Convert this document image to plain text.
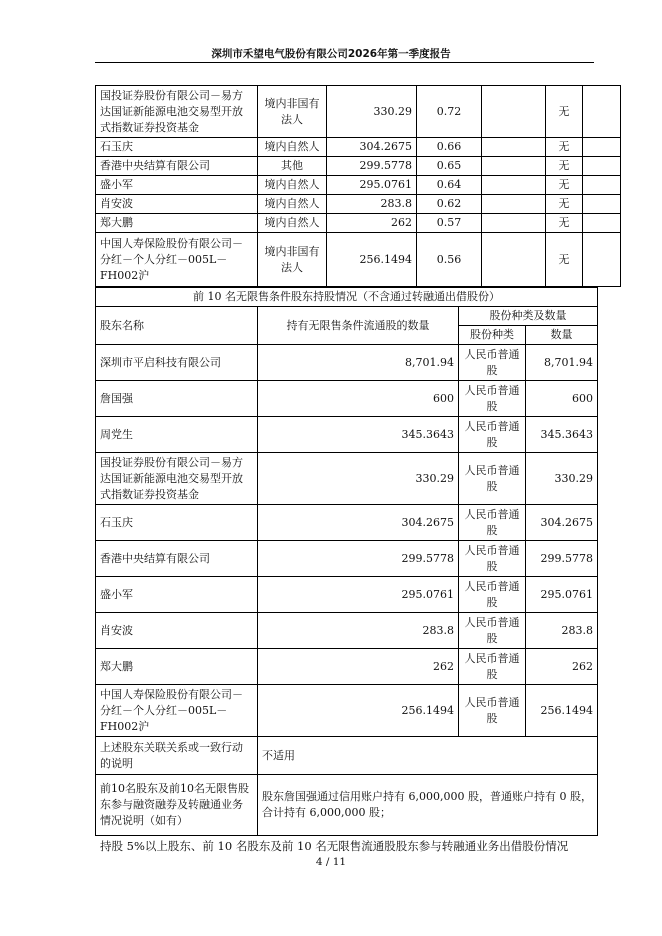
深圳市禾望电气股份有限公司2026年第一季度报告
国投证券股份有限公司－易方达国证新能源电池交易型开放式指数证券投资基金	境内非国有法人	330.29	0.72		无	
石玉庆	境内自然人	304.2675	0.66		无	
香港中央结算有限公司	其他	299.5778	0.65		无	
盛小军	境内自然人	295.0761	0.64		无	
肖安波	境内自然人	283.8	0.62		无	
郑大鹏	境内自然人	262	0.57		无	
中国人寿保险股份有限公司－分红－个人分红－005L－FH002沪	境内非国有法人	256.1494	0.56		无	
前 10 名无限售条件股东持股情况（不含通过转融通出借股份）			
股东名称	持有无限售条件流通股的数量	股份种类及数量	
		股份种类	数量
深圳市平启科技有限公司	8,701.94	人民币普通股	8,701.94
詹国强	600	人民币普通股	600
周党生	345.3643	人民币普通股	345.3643
国投证券股份有限公司－易方达国证新能源电池交易型开放式指数证券投资基金	330.29	人民币普通股	330.29
石玉庆	304.2675	人民币普通股	304.2675
香港中央结算有限公司	299.5778	人民币普通股	299.5778
盛小军	295.0761	人民币普通股	295.0761
肖安波	283.8	人民币普通股	283.8
郑大鹏	262	人民币普通股	262
中国人寿保险股份有限公司－分红－个人分红－005L－FH002沪	256.1494	人民币普通股	256.1494
上述股东关联关系或一致行动的说明	不适用		
前10名股东及前10名无限售股东参与融资融券及转融通业务情况说明（如有）	股东詹国强通过信用账户持有 6,000,000 股，普通账户持有 0 股，合计持有 6,000,000 股；		
持股 5%以上股东、前 10 名股东及前 10 名无限售流通股股东参与转融通业务出借股份情况
4 / 11
